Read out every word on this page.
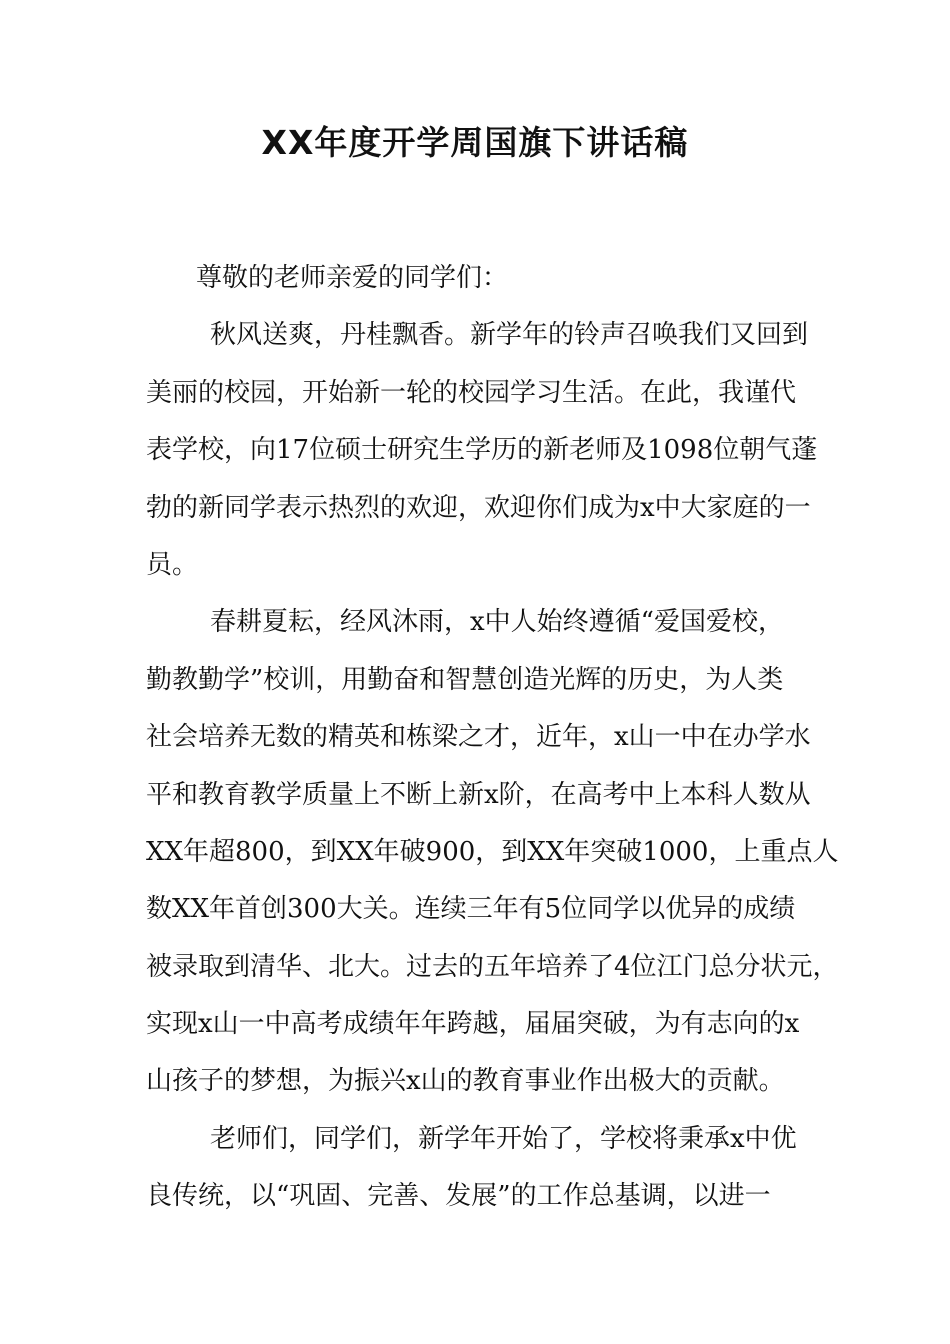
XX年度开学周国旗下讲话稿
尊敬的老师亲爱的同学们：
秋风送爽，丹桂飘香。新学年的铃声召唤我们又回到
美丽的校园，开始新一轮的校园学习生活。在此，我谨代
表学校，向17位硕士研究生学历的新老师及1098位朝气蓬
勃的新同学表示热烈的欢迎，欢迎你们成为x中大家庭的一
员。
春耕夏耘，经风沐雨，x中人始终遵循“爱国爱校，
勤教勤学”校训，用勤奋和智慧创造光辉的历史，为人类
社会培养无数的精英和栋梁之才，近年，x山一中在办学水
平和教育教学质量上不断上新x阶，在高考中上本科人数从
XX年超800，到XX年破900，到XX年突破1000，上重点人
数XX年首创300大关。连续三年有5位同学以优异的成绩
被录取到清华、北大。过去的五年培养了4位江门总分状元，
实现x山一中高考成绩年年跨越，届届突破，为有志向的x
山孩子的梦想，为振兴x山的教育事业作出极大的贡献。
老师们，同学们，新学年开始了，学校将秉承x中优
良传统，以“巩固、完善、发展”的工作总基调，以进一
